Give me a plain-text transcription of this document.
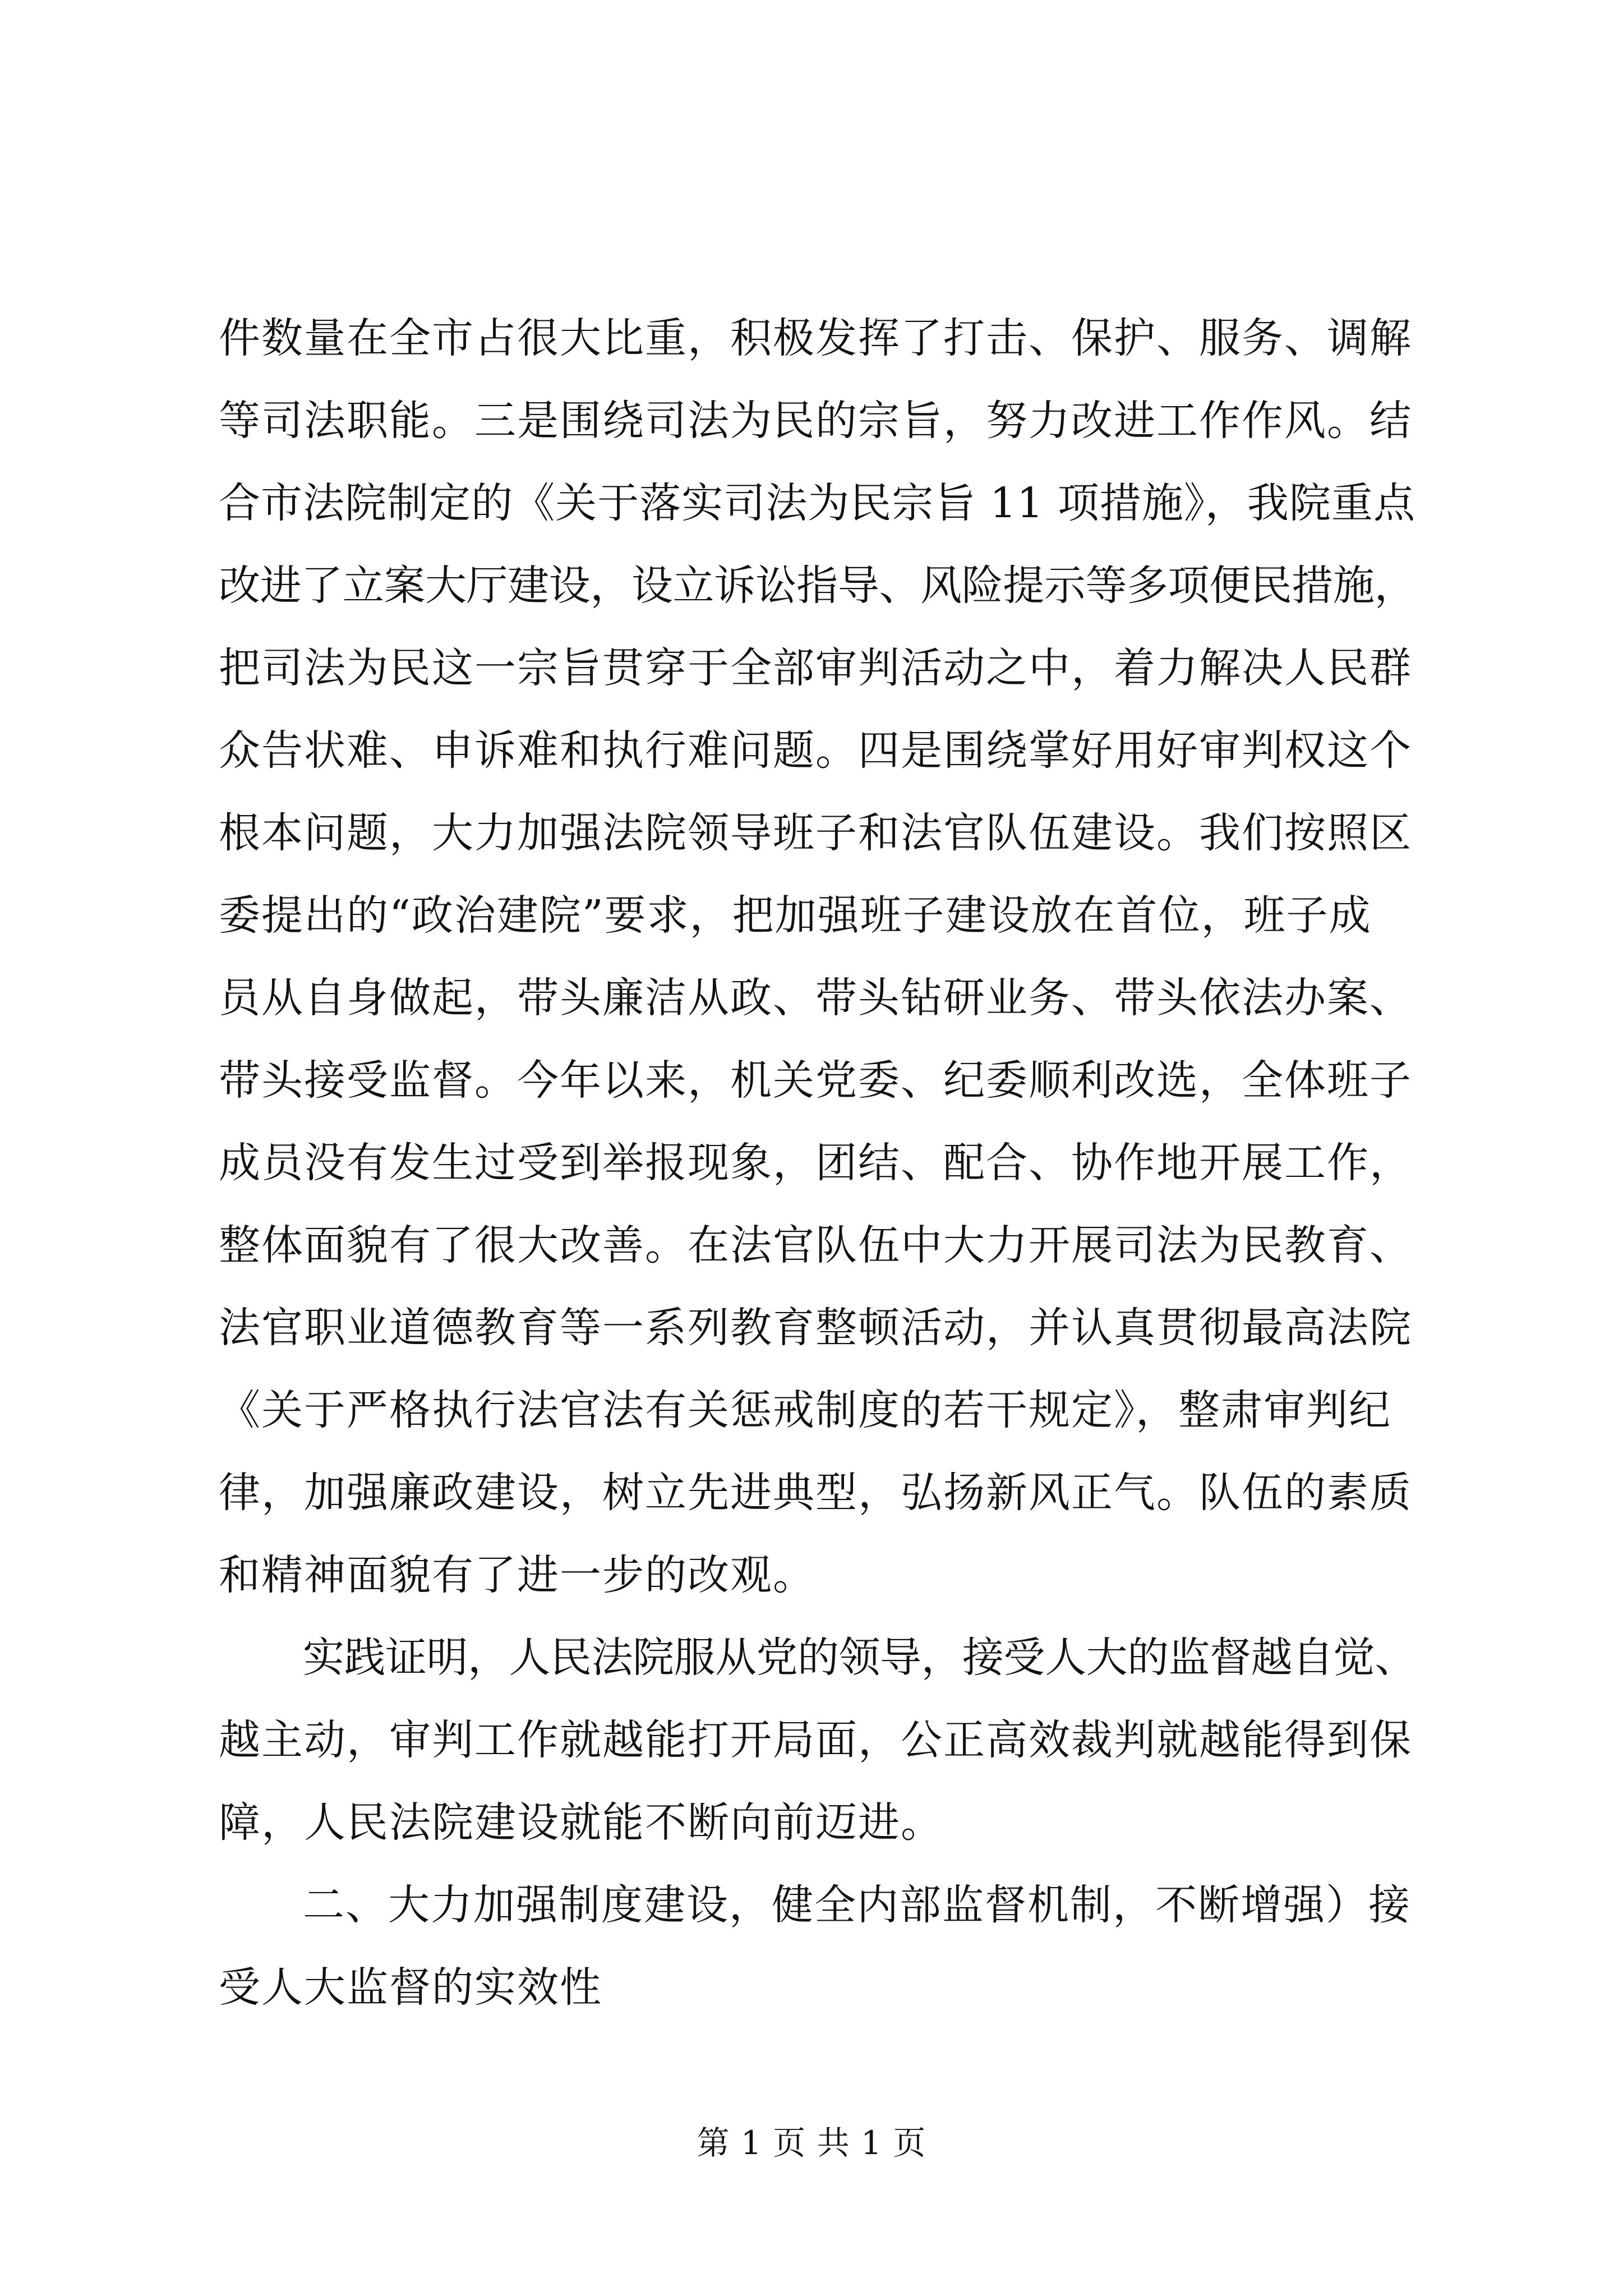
件数量在全市占很大比重，积极发挥了打击、保护、服务、调解
等司法职能。三是围绕司法为民的宗旨，努力改进工作作风。结
合市法院制定的《关于落实司法为民宗旨 11 项措施》，我院重点
改进了立案大厅建设，设立诉讼指导、风险提示等多项便民措施，
把司法为民这一宗旨贯穿于全部审判活动之中，着力解决人民群
众告状难、申诉难和执行难问题。四是围绕掌好用好审判权这个
根本问题，大力加强法院领导班子和法官队伍建设。我们按照区
委提出的“政治建院”要求，把加强班子建设放在首位，班子成
员从自身做起，带头廉洁从政、带头钻研业务、带头依法办案、
带头接受监督。今年以来，机关党委、纪委顺利改选，全体班子
成员没有发生过受到举报现象，团结、配合、协作地开展工作，
整体面貌有了很大改善。在法官队伍中大力开展司法为民教育、
法官职业道德教育等一系列教育整顿活动，并认真贯彻最高法院
《关于严格执行法官法有关惩戒制度的若干规定》，整肃审判纪
律，加强廉政建设，树立先进典型，弘扬新风正气。队伍的素质
和精神面貌有了进一步的改观。

实践证明，人民法院服从党的领导，接受人大的监督越自觉、
越主动，审判工作就越能打开局面，公正高效裁判就越能得到保
障，人民法院建设就能不断向前迈进。

二、大力加强制度建设，健全内部监督机制，不断增强）接
受人大监督的实效性

第 1 页 共 1 页
